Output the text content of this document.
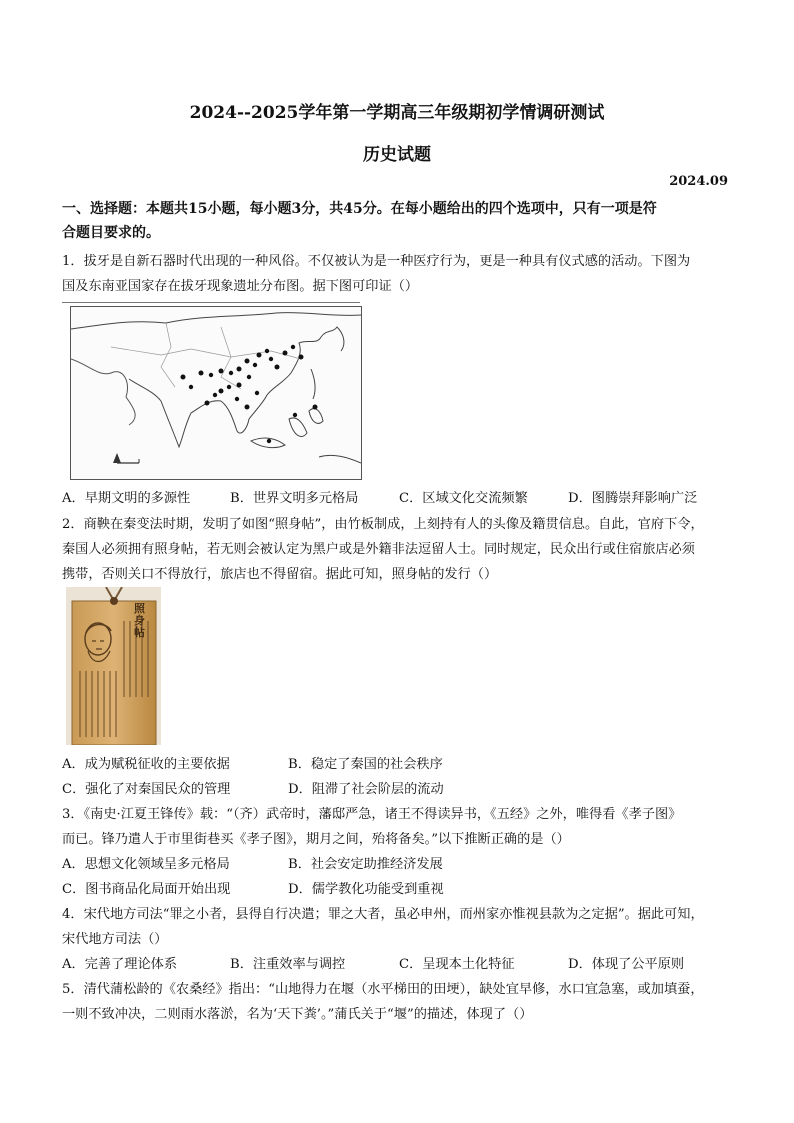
2024--2025学年第一学期高三年级期初学情调研测试
历史试题
2024.09
一、选择题：本题共15小题，每小题3分，共45分。在每小题给出的四个选项中，只有一项是符
合题目要求的。
1．拔牙是自新石器时代出现的一种风俗。不仅被认为是一种医疗行为，更是一种具有仪式感的活动。下图为
国及东南亚国家存在拔牙现象遗址分布图。据下图可印证（）
A．早期文明的多源性	B．世界文明多元格局	C．区域文化交流频繁	D．图腾崇拜影响广泛
2．商鞅在秦变法时期，发明了如图“照身帖”，由竹板制成，上刻持有人的头像及籍贯信息。自此，官府下令，
秦国人必须拥有照身帖，若无则会被认定为黑户或是外籍非法逗留人士。同时规定，民众出行或住宿旅店必须
携带，否则关口不得放行，旅店也不得留宿。据此可知，照身帖的发行（）
照身帖
A．成为赋税征收的主要依据	B．稳定了秦国的社会秩序
C．强化了对秦国民众的管理	D．阻滞了社会阶层的流动
3．《南史·江夏王锋传》载：“（齐）武帝时，藩邸严急，诸王不得读异书，《五经》之外，唯得看《孝子图》
而已。锋乃遣人于市里街巷买《孝子图》，期月之间，殆将备矣。”以下推断正确的是（）
A．思想文化领域呈多元格局	B．社会安定助推经济发展
C．图书商品化局面开始出现	D．儒学教化功能受到重视
4．宋代地方司法“罪之小者，县得自行决遣；罪之大者，虽必申州，而州家亦惟视县款为之定据”。据此可知，
宋代地方司法（）
A．完善了理论体系	B．注重效率与调控	C．呈现本土化特征	D．体现了公平原则
5．清代蒲松龄的《农桑经》指出：“山地得力在堰（水平梯田的田埂），缺处宜早修，水口宜急塞，或加填蚕，
一则不致冲决，二则雨水落淤，名为‘天下粪’。”蒲氏关于“堰”的描述，体现了（）
